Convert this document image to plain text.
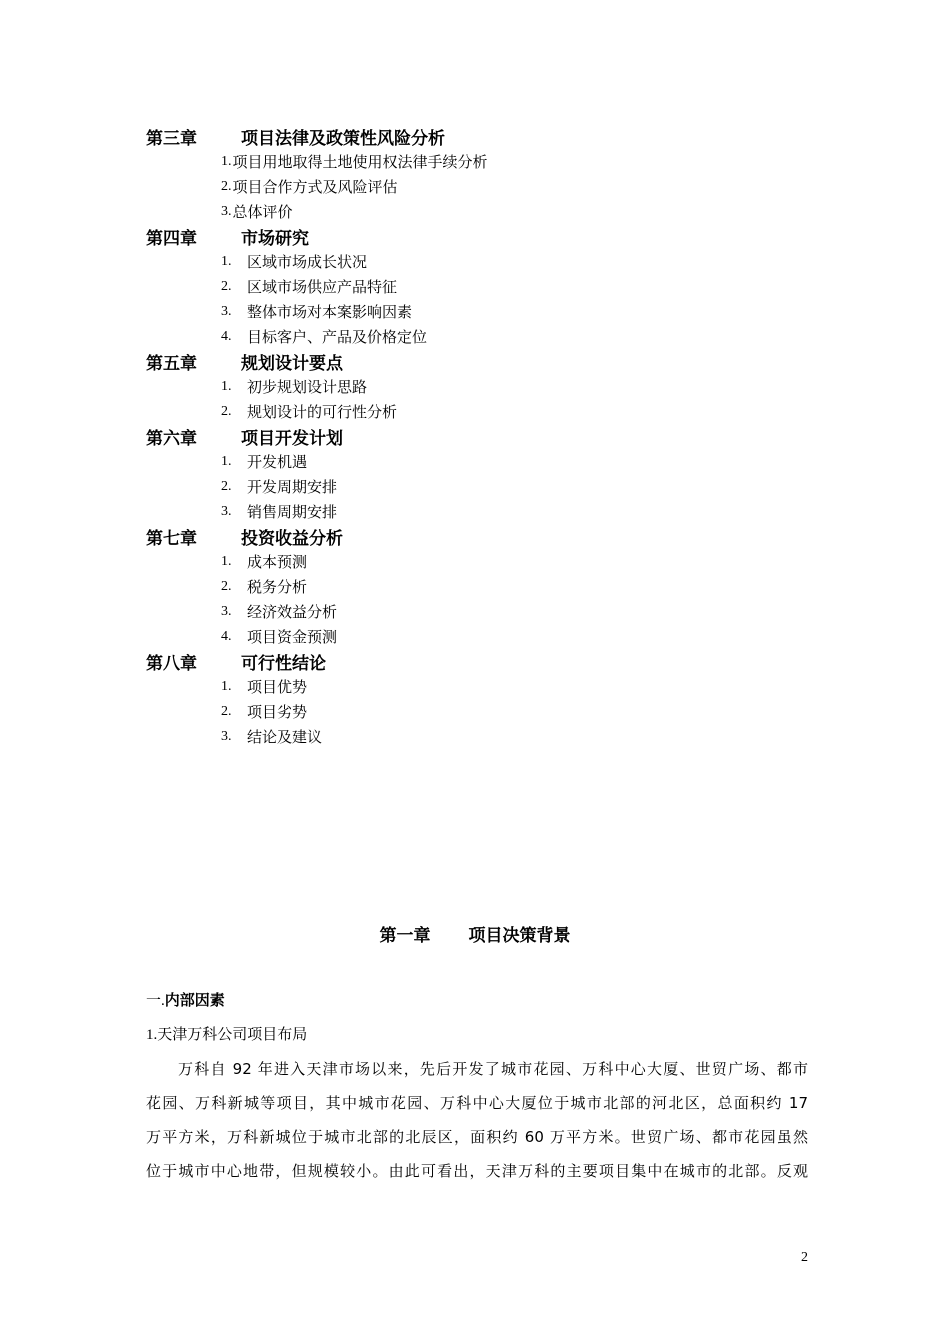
第三章	项目法律及政策性风险分析
1. 项目用地取得土地使用权法律手续分析
2. 项目合作方式及风险评估
3. 总体评价
第四章	市场研究
1.	区域市场成长状况
2.	区域市场供应产品特征
3.	整体市场对本案影响因素
4.	目标客户、产品及价格定位
第五章	规划设计要点
1.	初步规划设计思路
2.	规划设计的可行性分析
第六章	项目开发计划
1.	开发机遇
2.	开发周期安排
3.	销售周期安排
第七章	投资收益分析
1.	成本预测
2.	税务分析
3.	经济效益分析
4.	项目资金预测
第八章	可行性结论
1.	项目优势
2.	项目劣势
3.	结论及建议
第一章 项目决策背景
一.内部因素
1.天津万科公司项目布局
万科自 92 年进入天津市场以来，先后开发了城市花园、万科中心大厦、世贸广场、都市
花园、万科新城等项目，其中城市花园、万科中心大厦位于城市北部的河北区，总面积约 17
万平方米，万科新城位于城市北部的北辰区，面积约 60 万平方米。世贸广场、都市花园虽然
位于城市中心地带，但规模较小。由此可看出，天津万科的主要项目集中在城市的北部。反观
2
